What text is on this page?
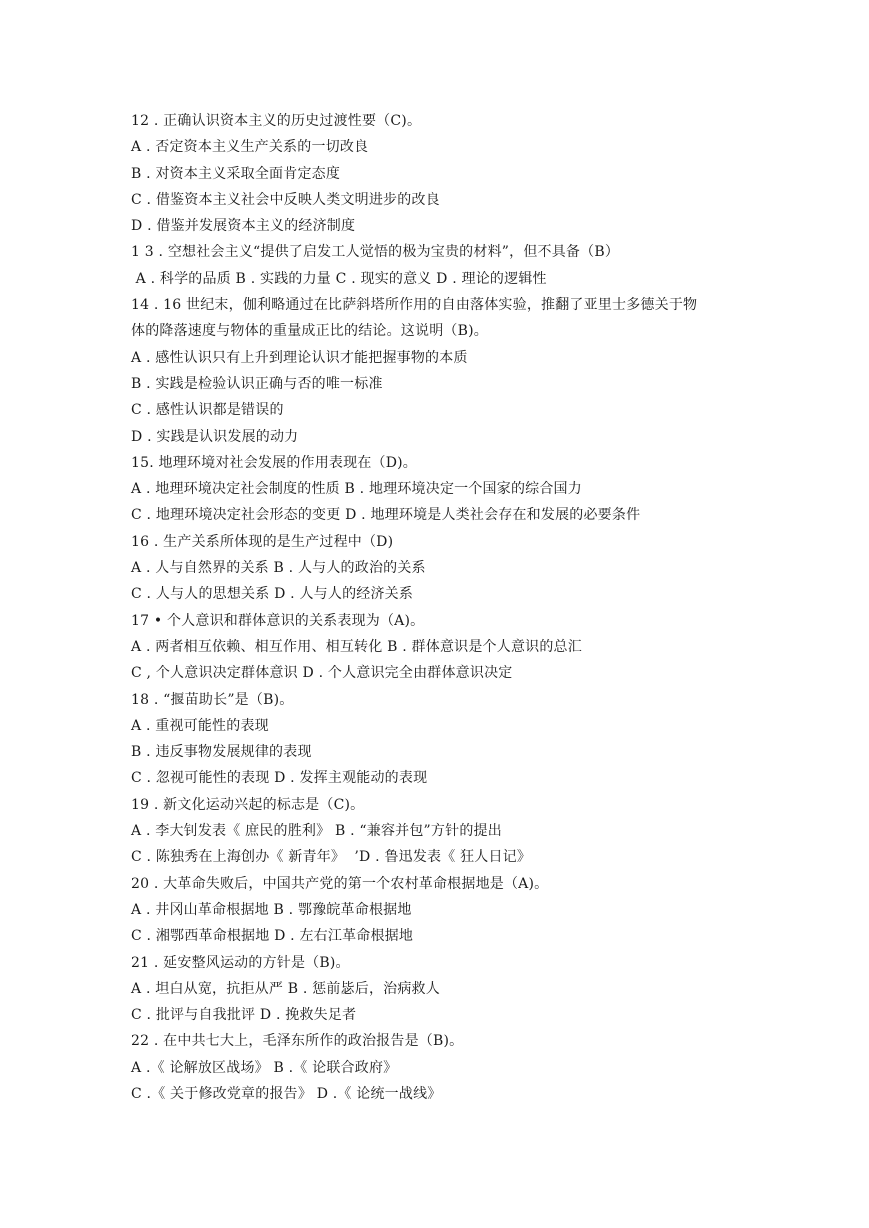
12 . 正确认识资本主义的历史过渡性要（C)。
A . 否定资本主义生产关系的一切改良
B . 对资本主义采取全面肯定态度
C . 借鉴资本主义社会中反映人类文明进步的改良
D . 借鉴并发展资本主义的经济制度
1 3 . 空想社会主义“提供了启发工人觉悟的极为宝贵的材料”，但不具备（B）
A . 科学的品质 B . 实践的力量 C . 现实的意义 D . 理论的逻辑性
14 . 16 世纪末，伽利略通过在比萨斜塔所作用的自由落体实验，推翻了亚里士多德关于物
体的降落速度与物体的重量成正比的结论。这说明（B)。
A . 感性认识只有上升到理论认识才能把握事物的本质
B . 实践是检验认识正确与否的唯一标准
C . 感性认识都是错误的
D . 实践是认识发展的动力
15. 地理环境对社会发展的作用表现在（D)。
A . 地理环境决定社会制度的性质 B . 地理环境决定一个国家的综合国力
C . 地理环境决定社会形态的变更 D . 地理环境是人类社会存在和发展的必要条件
16 . 生产关系所体现的是生产过程中（D)
A . 人与自然界的关系 B . 人与人的政治的关系
C . 人与人的思想关系 D . 人与人的经济关系
17 • 个人意识和群体意识的关系表现为（A)。
A . 两者相互依赖、相互作用、相互转化 B . 群体意识是个人意识的总汇
C , 个人意识决定群体意识 D . 个人意识完全由群体意识决定
18 . “揠苗助长”是（B)。
A . 重视可能性的表现
B . 违反事物发展规律的表现
C . 忽视可能性的表现 D . 发挥主观能动的表现
19 . 新文化运动兴起的标志是（C)。
A . 李大钊发表《 庶民的胜利》 B . “兼容并包”方针的提出
C . 陈独秀在上海创办《 新青年》  ’D . 鲁迅发表《 狂人日记》
20 . 大革命失败后，中国共产党的第一个农村革命根据地是（A)。
A . 井冈山革命根据地 B . 鄂豫皖革命根据地
C . 湘鄂西革命根据地 D . 左右江革命根据地
21 . 延安整风运动的方针是（B)。
A . 坦白从宽，抗拒从严 B . 惩前毖后，治病救人
C . 批评与自我批评 D . 挽救失足者
22 . 在中共七大上，毛泽东所作的政治报告是（B)。
A .《 论解放区战场》 B .《 论联合政府》
C .《 关于修改党章的报告》 D .《 论统一战线》
